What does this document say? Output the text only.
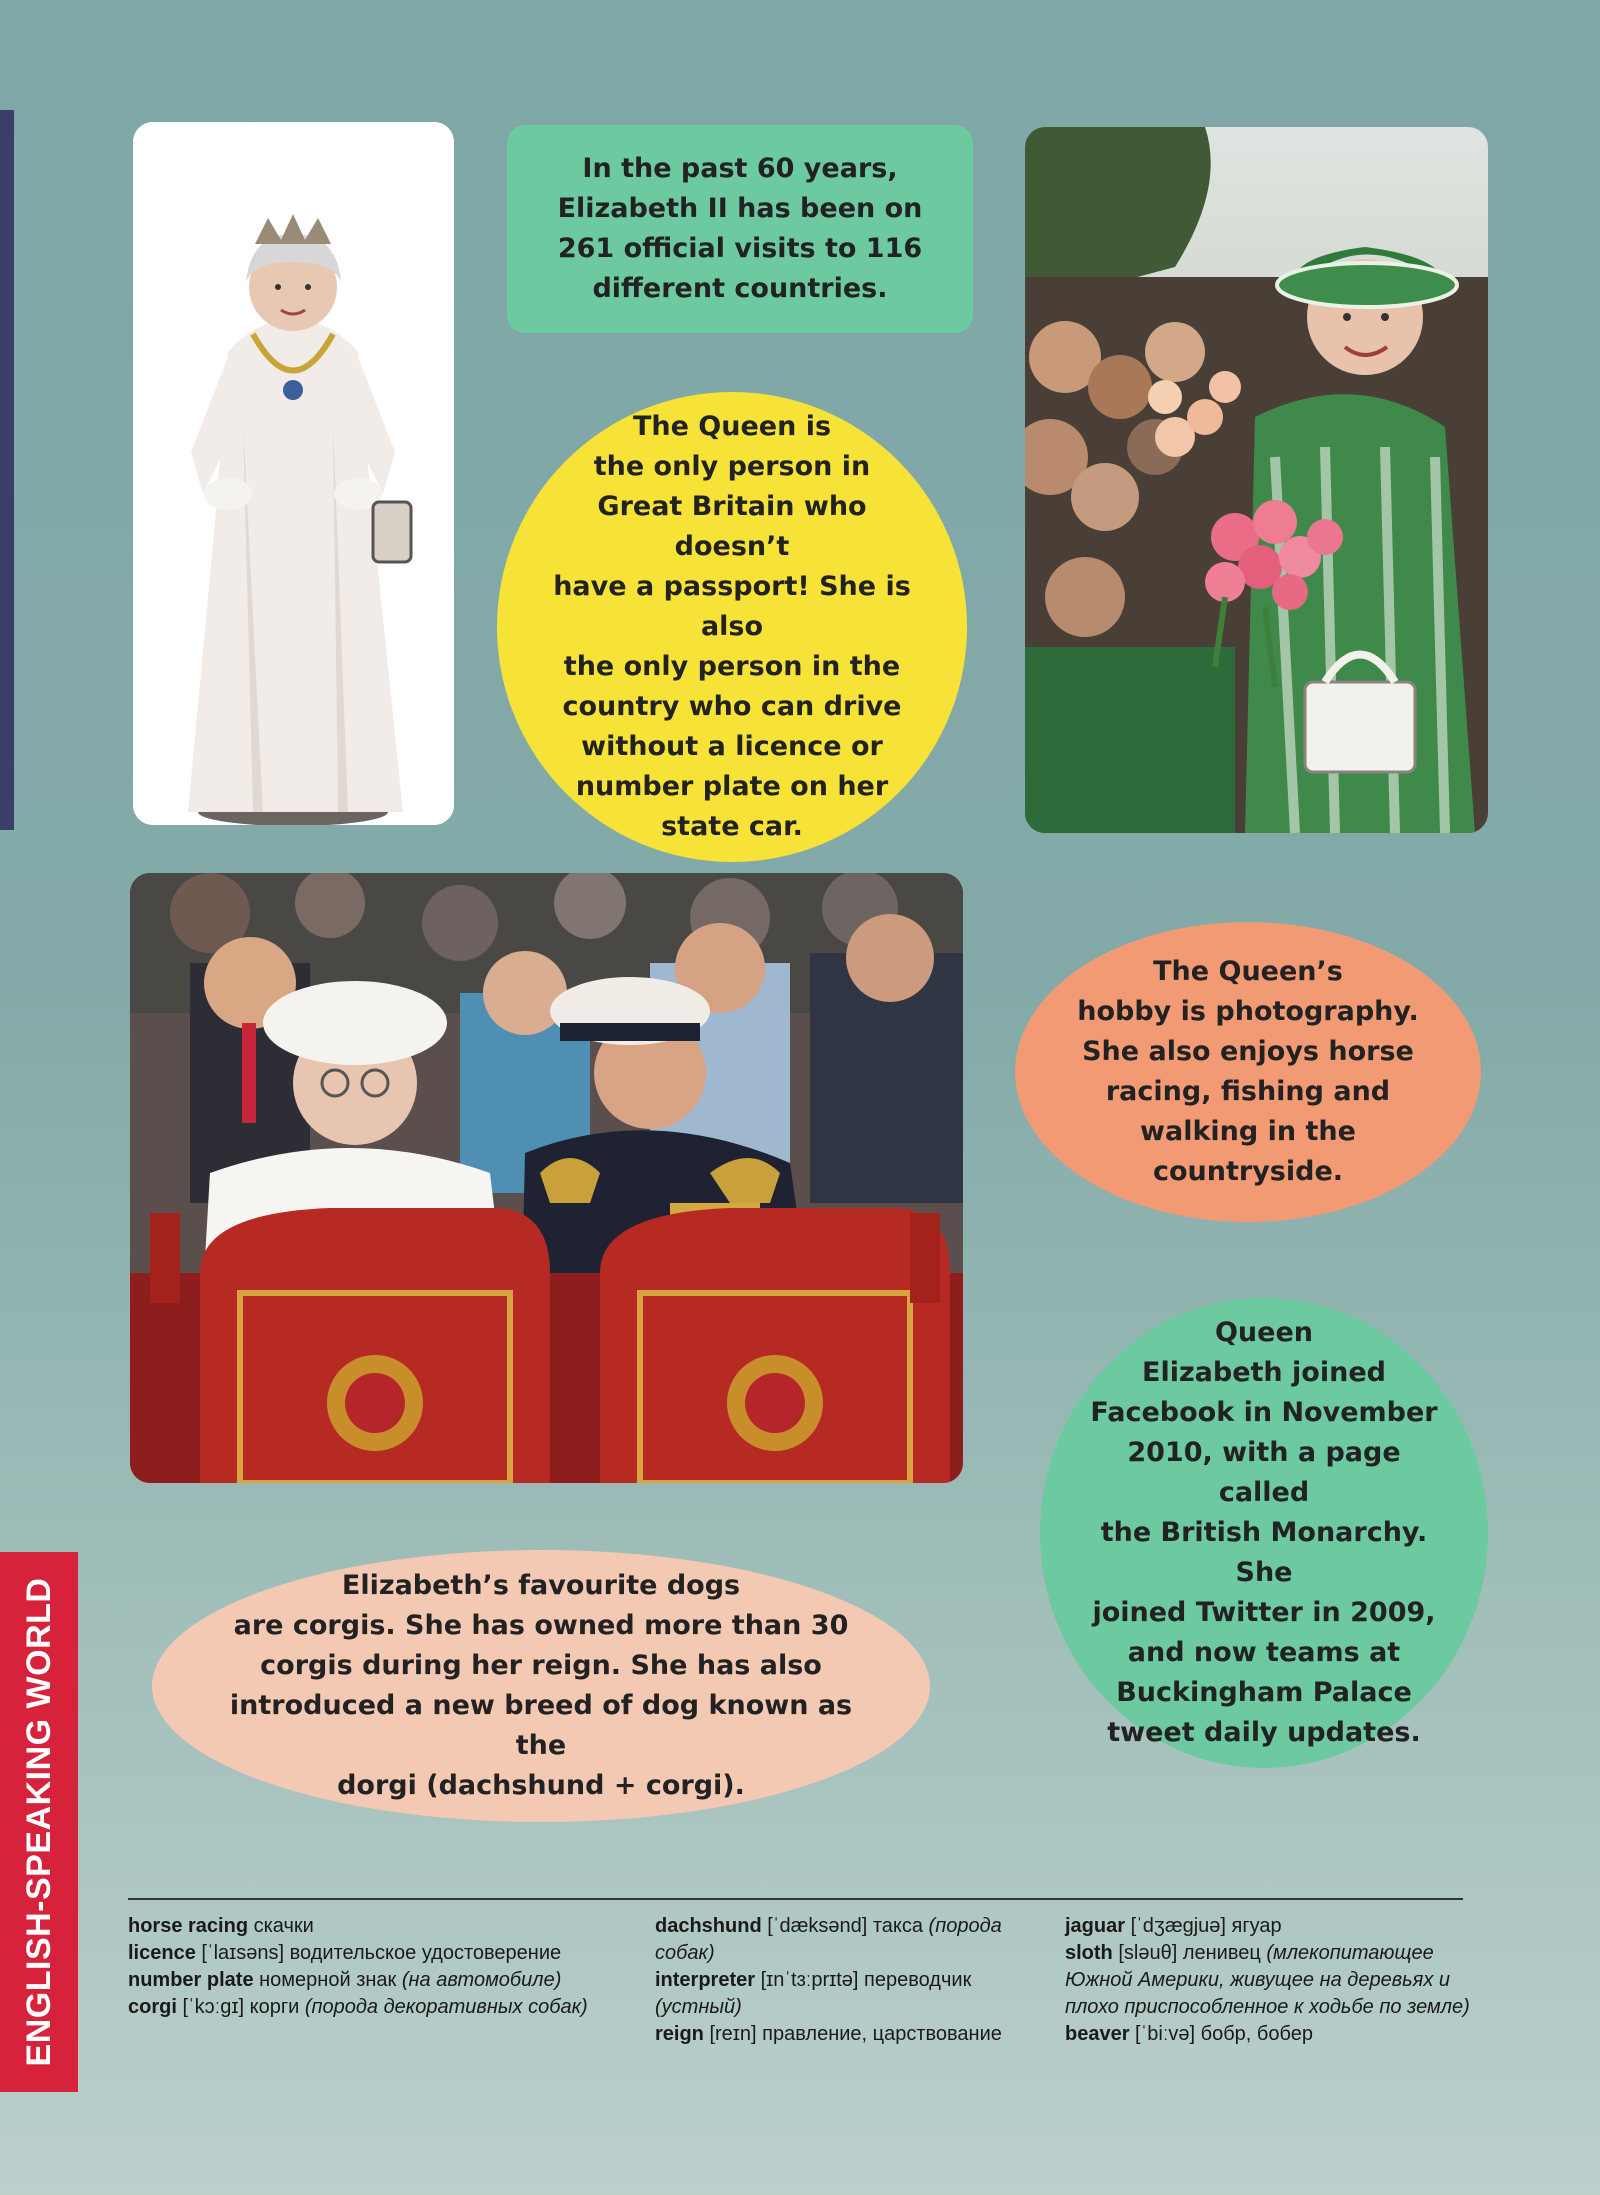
ENGLISH-SPEAKING WORLD
In the past 60 years,
Elizabeth II has been on
261 official visits to 116
different countries.
The Queen is
the only person in
Great Britain who doesn’t
have a passport! She is also
the only person in the
country who can drive
without a licence or
number plate on her
state car.
The Queen’s
hobby is photography.
She also enjoys horse
racing, fishing and
walking in the
countryside.
Queen
Elizabeth joined
Facebook in November
2010, with a page called
the British Monarchy. She
joined Twitter in 2009,
and now teams at
Buckingham Palace
tweet daily updates.
Elizabeth’s favourite dogs
are corgis. She has owned more than 30
corgis during her reign. She has also
introduced a new breed of dog known as the
dorgi (dachshund + corgi).
horse racing скачки
licence [ˈlaɪsəns] водительское удостоверение
number plate номерной знак (на автомобиле)
corgi [ˈkɔːgɪ] корги (порода декоративных собак)
dachshund [ˈdæksənd] такса (порода собак)
interpreter [ɪnˈtɜːprɪtə] переводчик (устный)
reign [reɪn] правление, царствование
jaguar [ˈdʒægjuə] ягуар
sloth [sləuθ] ленивец (млекопитающее Южной Америки, живущее на деревьях и плохо приспособленное к ходьбе по земле)
beaver [ˈbiːvə] бобр, бобер
